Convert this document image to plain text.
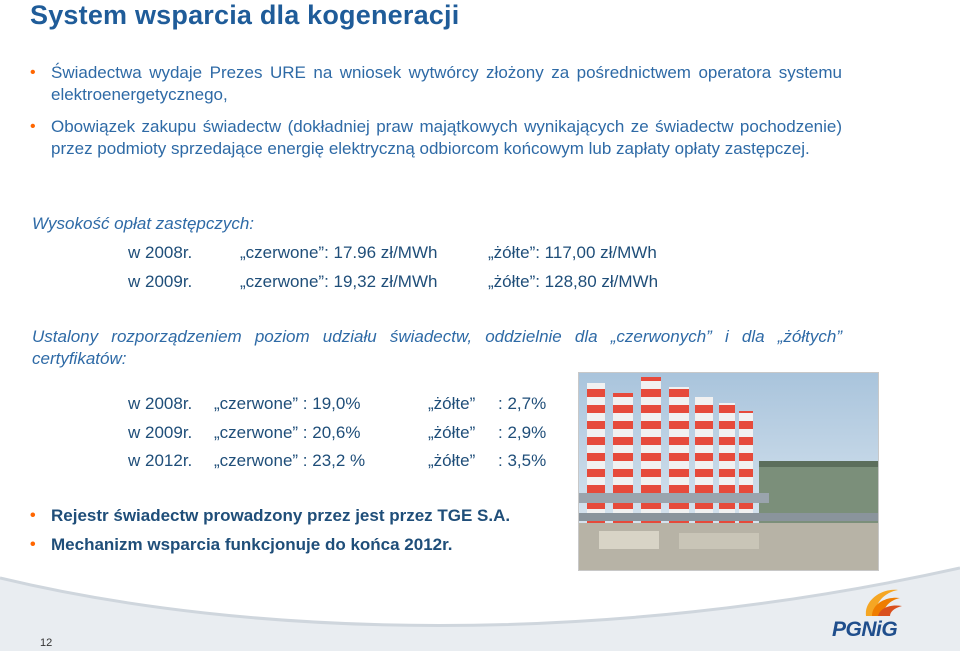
System wsparcia dla kogeneracji
• Świadectwa wydaje Prezes URE na wniosek wytwórcy złożony za pośrednictwem operatora systemu elektroenergetycznego,
• Obowiązek zakupu świadectw (dokładniej praw majątkowych wynikających ze świadectw pochodzenie) przez podmioty sprzedające energię elektryczną odbiorcom końcowym lub zapłaty opłaty zastępczej.

Wysokość opłat zastępczych:

w 2008r.	„czerwone”: 17.96 zł/MWh	„żółte”: 117,00 zł/MWh
w 2009r.	„czerwone”: 19,32 zł/MWh	„żółte”: 128,80 zł/MWh

Ustalony rozporządzeniem poziom udziału świadectw, oddzielnie dla „czerwonych” i dla „żółtych” certyfikatów:

w 2008r. „czerwone” : 19,0%	„żółte” : 2,7%
w 2009r. „czerwone” : 20,6%	„żółte” : 2,9%
w 2012r. „czerwone” : 23,2 %	„żółte” : 3,5%
• Rejestr świadectw prowadzony przez jest przez TGE S.A.
• Mechanizm wsparcia funkcjonuje do końca 2012r.
12
PGNiG
